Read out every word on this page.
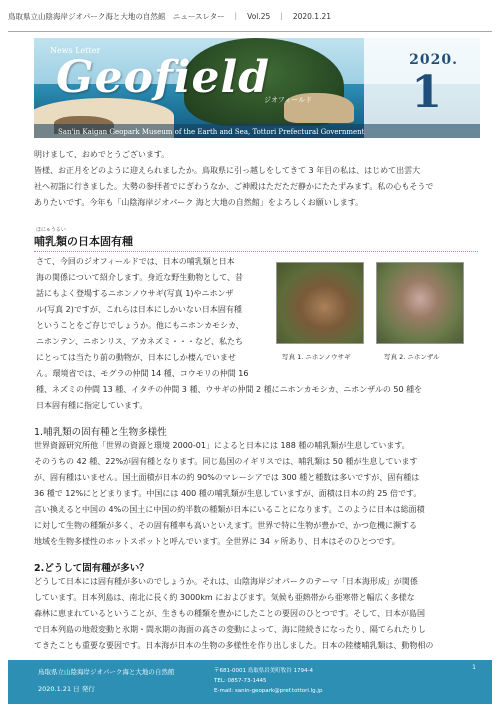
鳥取県立山陰海岸ジオパーク海と大地の自然館　ニュースレター　｜　Vol.25　｜　2020.1.21
News Letter
Geofield
ジオフィールド
2020.
1
San'in Kaigan Geopark Museum of the Earth and Sea, Tottori Prefectural Government

明けまして、おめでとうございます。

皆様、お正月をどのように迎えられましたか。鳥取県に引っ越しをしてきて 3 年目の私は、はじめて出雲大

社へ初詣に行きました。大勢の参拝者でにぎわうなか、ご神殿はただただ静かにたたずみます。私の心もそうで

ありたいです。今年も「山陰海岸ジオパーク 海と大地の自然館」をよろしくお願いします。

ほにゅうるい
哺乳類の日本固有種

さて、今回のジオフィールドでは、日本の哺乳類と日本

海の関係について紹介します。身近な野生動物として、昔

話にもよく登場するニホンノウサギ(写真 1)やニホンザ

ル(写真 2)ですが、これらは日本にしかいない日本固有種

ということをご存じでしょうか。他にもニホンカモシカ、

ニホンテン、ニホンリス、アカネズミ・・・など、私たち

にとっては当たり前の動物が、日本にしか棲んでいませ	写真 1. ニホンノウサギ	写真 2. ニホンザル

ん。環境省では、モグラの仲間 14 種、コウモリの仲間 16

種、ネズミの仲間 13 種、イタチの仲間 3 種、ウサギの仲間 2 種にニホンカモシカ、ニホンザルの 50 種を

日本固有種に指定しています。

1.哺乳類の固有種と生物多様性

世界資源研究所他「世界の資源と環境 2000-01」によると日本には 188 種の哺乳類が生息しています。

そのうちの 42 種、22%が固有種となります。同じ島国のイギリスでは、哺乳類は 50 種が生息しています

が、固有種はいません。国土面積が日本の約 90%のマレーシアでは 300 種と種数は多いですが、固有種は

36 種で 12%にとどまります。中国には 400 種の哺乳類が生息していますが、面積は日本の約 25 倍です。

言い換えると中国の 4%の国土に中国の約半数の種類が日本にいることになります。このように日本は総面積

に対して生物の種類が多く、その固有種率も高いといえます。世界で特に生物が豊かで、かつ危機に瀕する

地域を生物多様性のホットスポットと呼んでいます。全世界に 34 ヶ所あり、日本はそのひとつです。

2.どうして固有種が多い？

どうして日本には固有種が多いのでしょうか。それは、山陰海岸ジオパークのテーマ「日本海形成」が関係

しています。日本列島は、南北に長く約 3000km におよびます。気候も亜熱帯から亜寒帯と幅広く多様な

森林に恵まれているということが、生きもの種類を豊かにしたことの要因のひとつです。そして、日本が島国

で日本列島の地殻変動と氷期・間氷期の海面の高さの変動によって、海に陸続きになったり、隔てられたりし

てきたことも重要な要因です。日本海が日本の生物の多様性を作り出しました。日本の陸棲哺乳類は、動物相の

鳥取県立山陰海岸ジオパーク海と大地の自然館
2020.1.21 日 発行
〒681-0001 鳥取県岩美町牧谷 1794-4
TEL: 0857-73-1445
E-mail: sanin-geopark@pref.tottori.lg.jp
1
